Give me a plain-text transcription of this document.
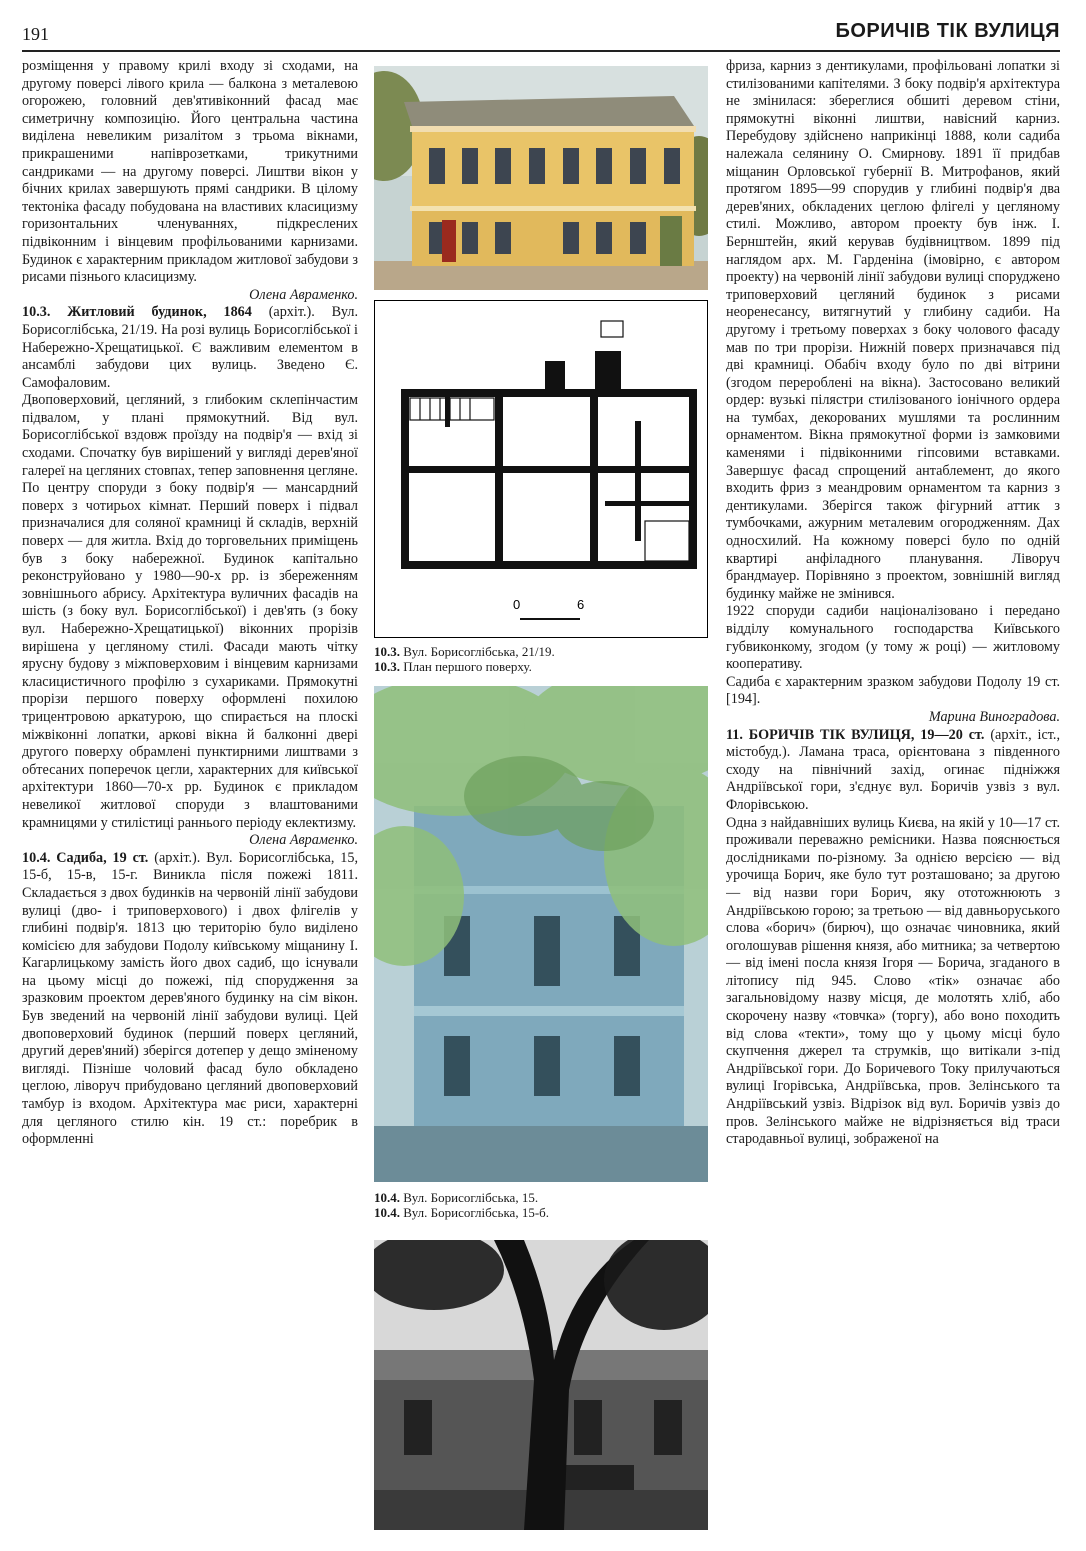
191	БОРИЧІВ ТІК ВУЛИЦЯ

розміщення у правому крилі входу зі сходами, на другому поверсі лівого крила — балкона з металевою огорожею, головний дев'ятивіконний фасад має симетричну композицію. Його центральна частина виділена невеликим ризалітом з трьома вікнами, прикрашеними напіврозетками, трикутними сандриками — на другому поверсі. Лиштви вікон у бічних крилах завершують прямі сандрики. В цілому тектоніка фасаду побудована на властивих класицизму горизонтальних членуваннях, підкреслених підвіконним і вінцевим профільованими карнизами. Будинок є характерним прикладом житлової забудови з рисами пізнього класицизму.

Олена Авраменко.

10.3. Житловий будинок, 1864 (архіт.). Вул. Борисоглібська, 21/19. На розі вулиць Борисоглібської і Набережно-Хрещатицької. Є важливим елементом в ансамблі забудови цих вулиць. Зведено Є. Самофаловим.

Двоповерховий, цегляний, з глибоким склепінчастим підвалом, у плані прямокутний. Від вул. Борисоглібської вздовж проїзду на подвір'я — вхід зі сходами. Спочатку був вирішений у вигляді дерев'яної галереї на цегляних стовпах, тепер заповнення цегляне. По центру споруди з боку подвір'я — мансардний поверх з чотирьох кімнат. Перший поверх і підвал призначалися для соляної крамниці й складів, верхній поверх — для житла. Вхід до торговельних приміщень був з боку набережної. Будинок капітально реконструйовано у 1980—90-х рр. із збереженням зовнішнього абрису. Архітектура вуличних фасадів на шість (з боку вул. Борисоглібської) і дев'ять (з боку вул. Набережно-Хрещатицької) віконних прорізів вирішена у цегляному стилі. Фасади мають чітку ярусну будову з міжповерховим і вінцевим карнизами класицистичного профілю з сухариками. Прямокутні прорізи першого поверху оформлені похилою трицентровою аркатурою, що спирається на плоскі міжвіконні лопатки, аркові вікна й балконні двері другого поверху обрамлені пунктирними лиштвами з обтесаних поперечок цегли, характерних для київської архітектури 1860—70-х рр. Будинок є прикладом невеликої житлової споруди з влаштованими крамницями у стилістиці раннього періоду еклектизму.

Олена Авраменко.

10.4. Садиба, 19 ст. (архіт.). Вул. Борисоглібська, 15, 15-б, 15-в, 15-г. Виникла після пожежі 1811. Складається з двох будинків на червоній лінії забудови вулиці (дво- і триповерхового) і двох флігелів у глибині подвір'я. 1813 цю територію було виділено комісією для забудови Подолу київському міщанину І. Кагарлицькому замість його двох садиб, що існували на цьому місці до пожежі, під спорудження за зразковим проектом дерев'яного будинку на сім вікон. Був зведений на червоній лінії забудови вулиці. Цей двоповерховий будинок (перший поверх цегляний, другий дерев'яний) зберігся дотепер у дещо зміненому вигляді. Пізніше чоловий фасад було обкладено цеглою, ліворуч прибудовано цегляний двоповерховий тамбур із входом. Архітектура має риси, характерні для цегляного стилю кін. 19 ст.: поребрик в оформленні

фриза, карниз з дентикулами, профільовані лопатки зі стилізованими капітелями. З боку подвір'я архітектура не змінилася: збереглися обшиті деревом стіни, прямокутні віконні лиштви, навісний карниз. Перебудову здійснено наприкінці 1888, коли садиба належала селянину О. Смирнову. 1891 її придбав міщанин Орловської губернії В. Митрофанов, який протягом 1895—99 спорудив у глибині подвір'я два дерев'яних, обкладених цеглою флігелі у цегляному стилі. Можливо, автором проекту був інж. І. Бернштейн, який керував будівництвом. 1899 під наглядом арх. М. Гарденіна (імовірно, є автором проекту) на червоній лінії забудови вулиці споруджено триповерховий цегляний будинок з рисами неоренесансу, витягнутий у глибину садиби. На другому і третьому поверхах з боку чолового фасаду мав по три прорізи. Нижній поверх призначався під дві крамниці. Обабіч входу було по дві вітрини (згодом перероблені на вікна). Застосовано великий ордер: вузькі пілястри стилізованого іонічного ордера на тумбах, декорованих мушлями та рослинним орнаментом. Вікна прямокутної форми із замковими каменями і підвіконними гіпсовими вставками. Завершує фасад спрощений антаблемент, до якого входить фриз з меандровим орнаментом та карниз з дентикулами. Зберігся також фігурний аттик з тумбочками, ажурним металевим огородженням. Дах односхилий. На кожному поверсі було по одній квартирі анфіладного планування. Ліворуч брандмауер. Порівняно з проектом, зовнішній вигляд будинку майже не змінився.

1922 споруди садиби націоналізовано і передано відділу комунального господарства Київського губвиконкому, згодом (у тому ж році) — житловому кооперативу.

Садиба є характерним зразком забудови Подолу 19 ст. [194].

Марина Виноградова.

11. БОРИЧІВ ТІК ВУЛИЦЯ, 19—20 ст. (архіт., іст., містобуд.). Ламана траса, орієнтована з південного сходу на північний захід, огинає підніжжя Андріївської гори, з'єднує вул. Боричів узвіз з вул. Флорівською.

Одна з найдавніших вулиць Києва, на якій у 10—17 ст. проживали переважно ремісники. Назва пояснюється дослідниками по-різному. За однією версією — від урочища Борич, яке було тут розташовано; за другою — від назви гори Борич, яку ототожнюють з Андріївською горою; за третьою — від давньоруського слова «борич» (бирюч), що означає чиновника, який оголошував рішення князя, або митника; за четвертою — від імені посла князя Ігоря — Борича, згаданого в літопису під 945. Слово «тік» означає або загальновідому назву місця, де молотять хліб, або скорочену назву «товчка» (торгу), або воно походить від слова «текти», тому що у цьому місці було скупчення джерел та струмків, що витікали з-під Андріївської гори. До Боричевого Току прилучаються вулиці Ігорівська, Андріївська, пров. Зелінського та Андріївський узвіз. Відрізок від вул. Боричів узвіз до пров. Зелінського майже не відрізняється від траси стародавньої вулиці, зображеної на

0	6
10.3. Вул. Борисоглібська, 21/19.
10.3. План першого поверху.
10.4. Вул. Борисоглібська, 15.
10.4. Вул. Борисоглібська, 15-б.
